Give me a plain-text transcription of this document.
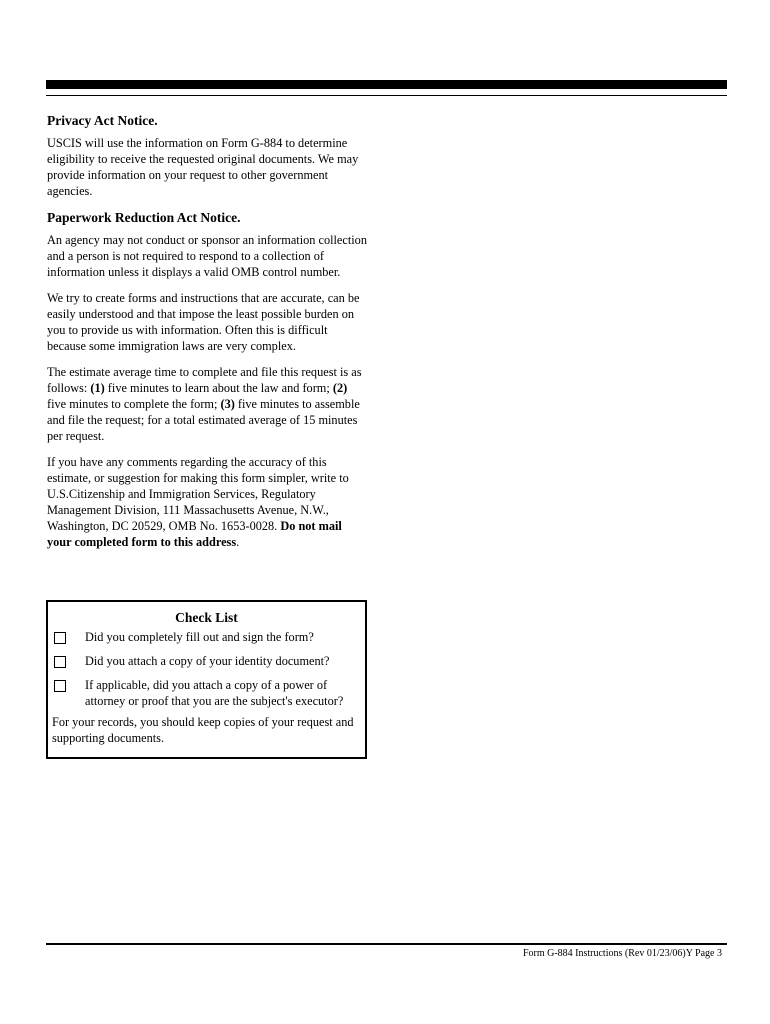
Privacy Act Notice.

USCIS will use the information on Form G-884 to determine eligibility to receive the requested original documents. We may provide information on your request to other government agencies.

Paperwork Reduction Act Notice.

An agency may not conduct or sponsor an information collection and a person is not required to respond to a collection of information unless it displays a valid OMB control number.

We try to create forms and instructions that are accurate, can be easily understood and that impose the least possible burden on you to provide us with information. Often this is difficult because some immigration laws are very complex.

The estimate average time to complete and file this request is as follows: (1) five minutes to learn about the law and form; (2) five minutes to complete the form; (3) five minutes to assemble and file the request; for a total estimated average of 15 minutes per request.

If you have any comments regarding the accuracy of this estimate, or suggestion for making this form simpler, write to U.S.Citizenship and Immigration Services, Regulatory Management Division, 111 Massachusetts Avenue, N.W., Washington, DC 20529, OMB No. 1653-0028. Do not mail your completed form to this address.

Check List
Did you completely fill out and sign the form?
Did you attach a copy of your identity document?
If applicable, did you attach a copy of a power of attorney or proof that you are the subject's executor?
For your records, you should keep copies of your request and supporting documents.
Form G-884 Instructions (Rev 01/23/06)Y Page 3
